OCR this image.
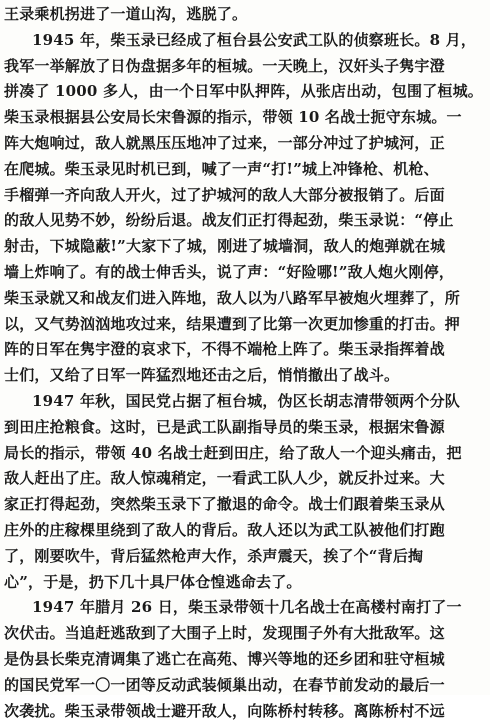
王录乘机拐进了一道山沟，逃脱了。
1945 年，柴玉录已经成了桓台县公安武工队的侦察班长。8 月，
我军一举解放了日伪盘据多年的桓城。一天晚上，汉奸头子隽宇澄
拼凑了 1000 多人，由一个日军中队押阵，从张店出动，包围了桓城。
柴玉录根据县公安局长宋鲁源的指示，带领 10 名战士扼守东城。一
阵大炮响过，敌人就黑压压地冲了过来，一部分冲过了护城河，正
在爬城。柴玉录见时机已到，喊了一声“打!”城上冲锋枪、机枪、
手榴弹一齐向敌人开火，过了护城河的敌人大部分被报销了。后面
的敌人见势不妙，纷纷后退。战友们正打得起劲，柴玉录说：“停止
射击，下城隐蔽!”大家下了城，刚进了城墙洞，敌人的炮弹就在城
墙上炸响了。有的战士伸舌头，说了声：“好险哪!”敌人炮火刚停，
柴玉录就又和战友们进入阵地，敌人以为八路军早被炮火埋葬了，所
以，又气势汹汹地攻过来，结果遭到了比第一次更加惨重的打击。押
阵的日军在隽宇澄的哀求下，不得不端枪上阵了。柴玉录指挥着战
士们，又给了日军一阵猛烈地还击之后，悄悄撤出了战斗。
1947 年秋，国民党占据了桓台城，伪区长胡志清带领两个分队
到田庄抢粮食。这时，已是武工队副指导员的柴玉录，根据宋鲁源
局长的指示，带领 40 名战士赶到田庄，给了敌人一个迎头痛击，把
敌人赶出了庄。敌人惊魂稍定，一看武工队人少，就反扑过来。大
家正打得起劲，突然柴玉录下了撤退的命令。战士们跟着柴玉录从
庄外的庄稼棵里绕到了敌人的背后。敌人还以为武工队被他们打跑
了，刚要吹牛，背后猛然枪声大作，杀声震天，挨了个“背后掏
心”，于是，扔下几十具尸体仓惶逃命去了。
1947 年腊月 26 日，柴玉录带领十几名战士在高楼村南打了一
次伏击。当追赶逃敌到了大围子上时，发现围子外有大批敌军。这
是伪县长柴克清调集了逃亡在高苑、博兴等地的还乡团和驻守桓城
的国民党军一〇一团等反动武装倾巢出动，在春节前发动的最后一
次袭扰。柴玉录带领战士避开敌人，向陈桥村转移。离陈桥村不远
